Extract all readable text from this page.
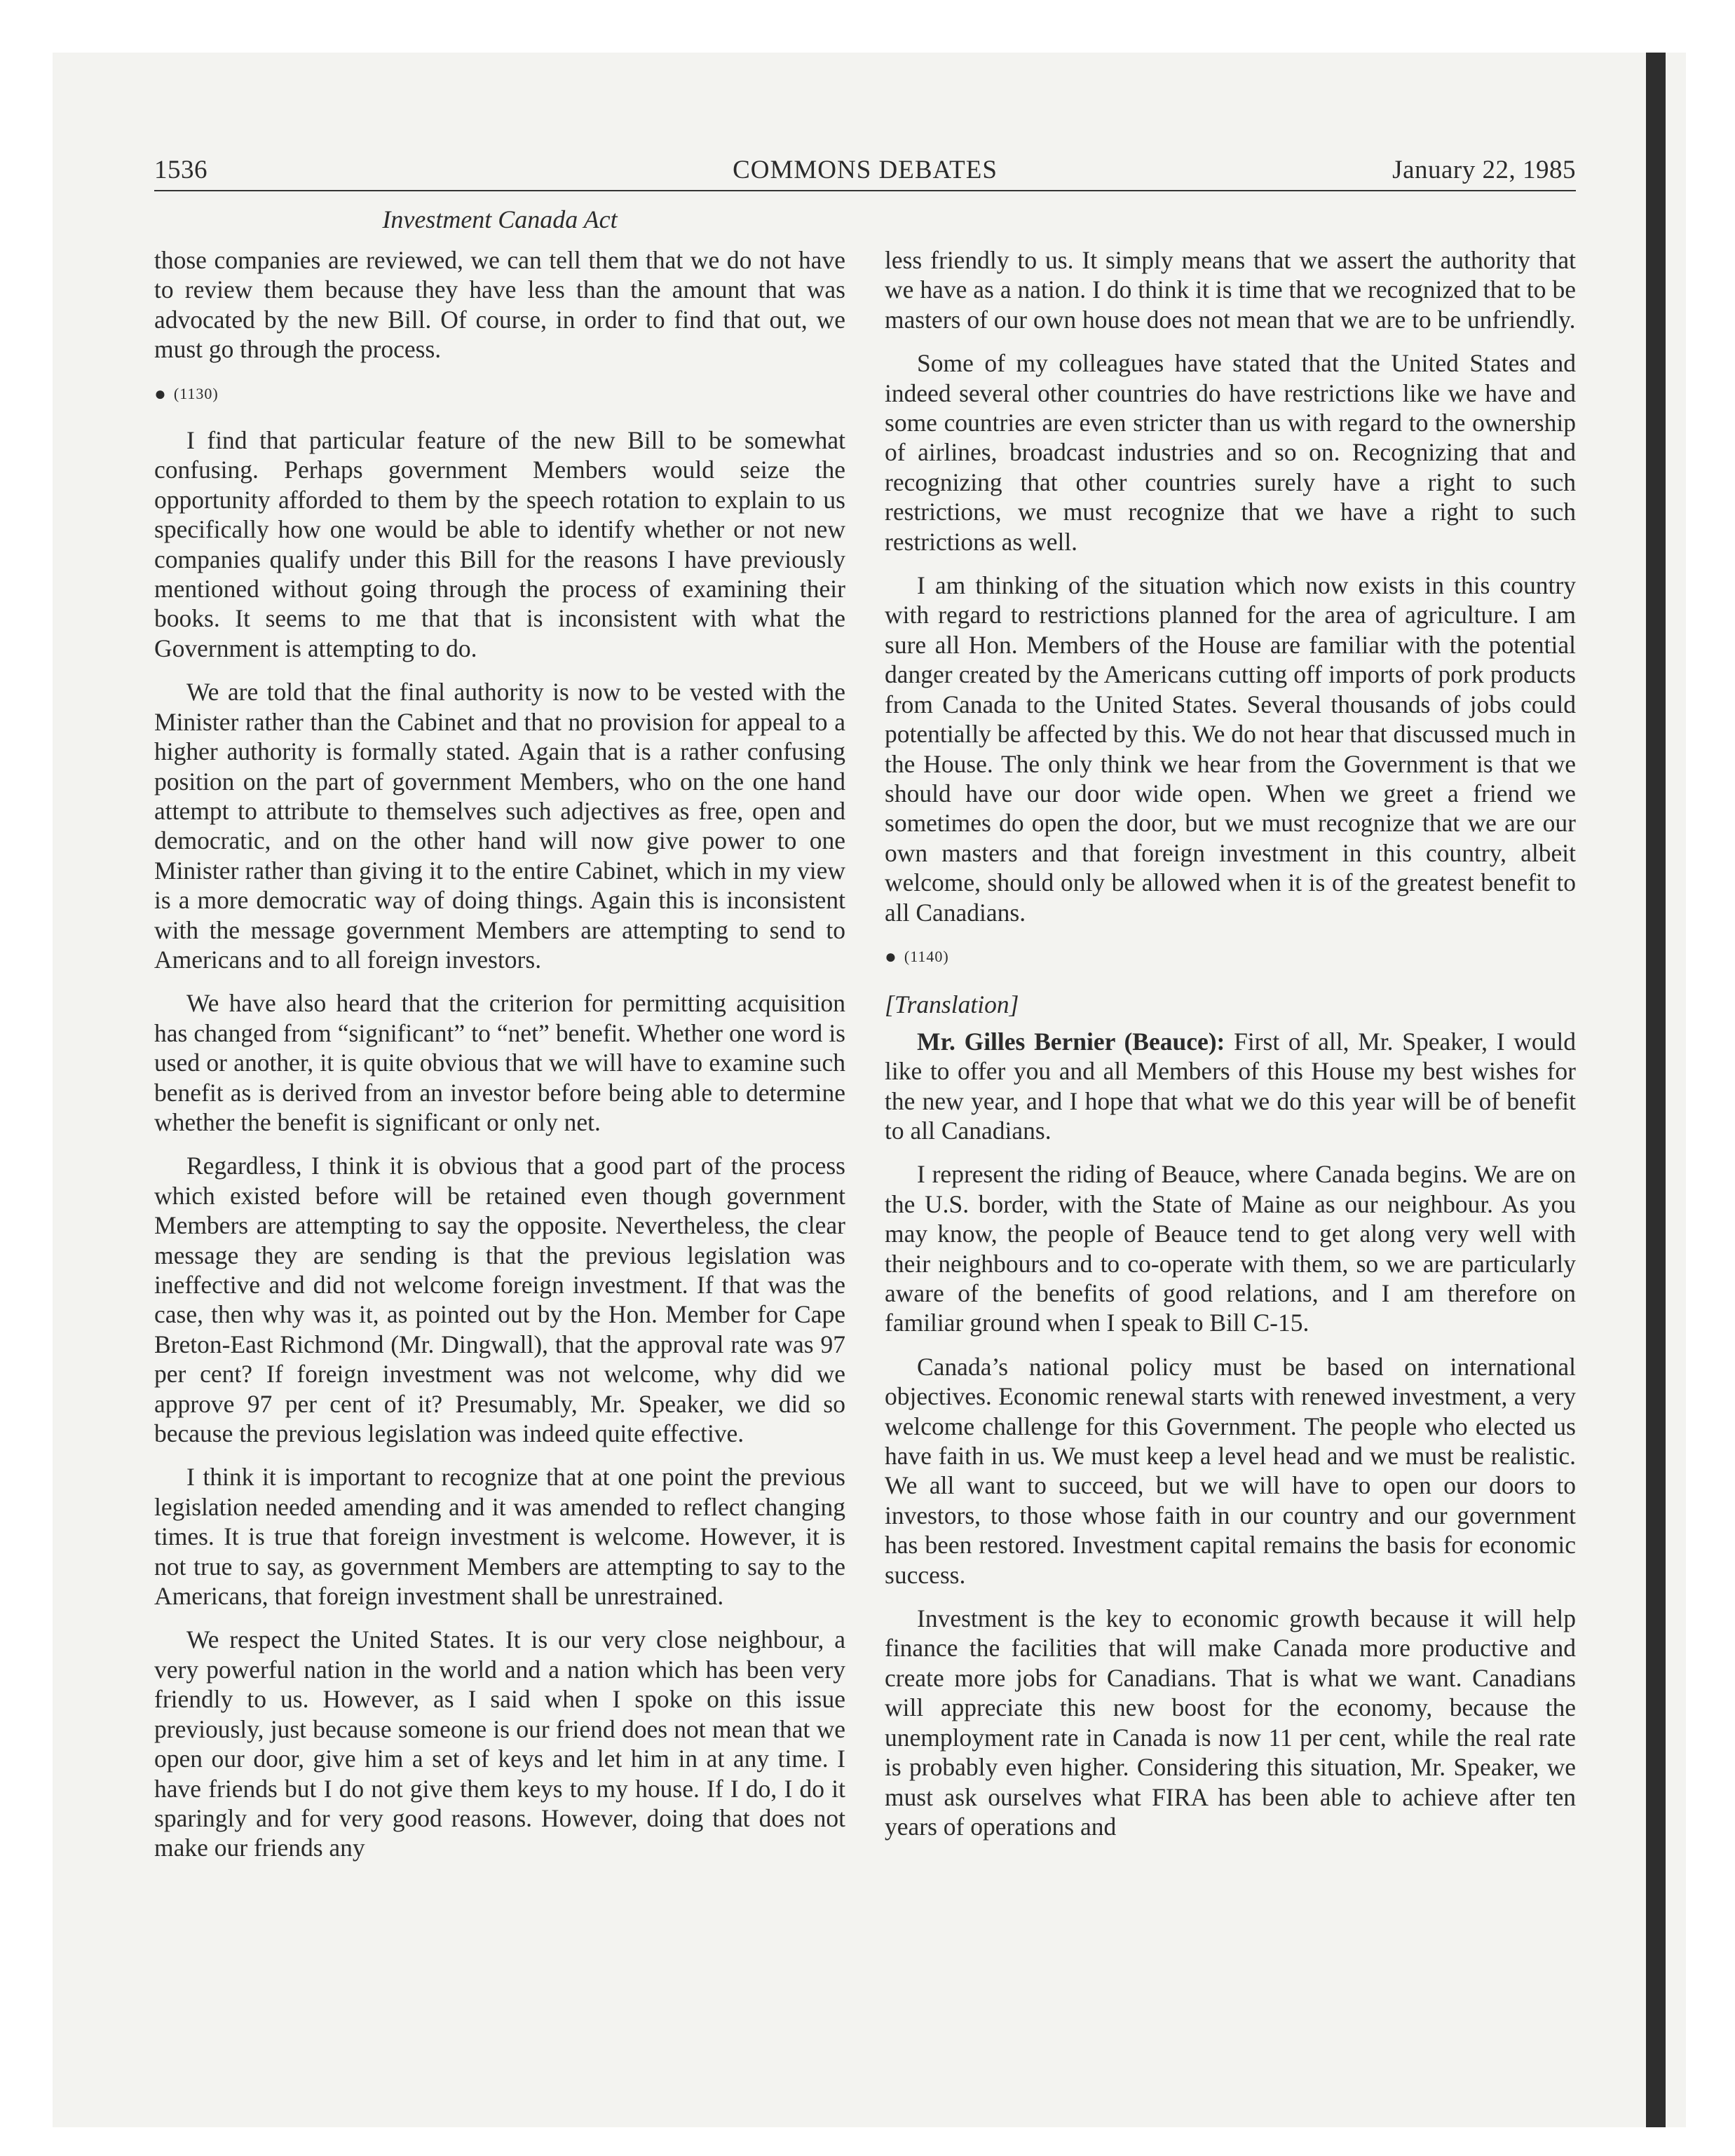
1536	COMMONS DEBATES	January 22, 1985
Investment Canada Act

those companies are reviewed, we can tell them that we do not have to review them because they have less than the amount that was advocated by the new Bill. Of course, in order to find that out, we must go through the process.

● (1130)

I find that particular feature of the new Bill to be somewhat confusing. Perhaps government Members would seize the opportunity afforded to them by the speech rotation to explain to us specifically how one would be able to identify whether or not new companies qualify under this Bill for the reasons I have previously mentioned without going through the process of examining their books. It seems to me that that is inconsistent with what the Government is attempting to do.

We are told that the final authority is now to be vested with the Minister rather than the Cabinet and that no provision for appeal to a higher authority is formally stated. Again that is a rather confusing position on the part of government Members, who on the one hand attempt to attribute to themselves such adjectives as free, open and democratic, and on the other hand will now give power to one Minister rather than giving it to the entire Cabinet, which in my view is a more democratic way of doing things. Again this is inconsistent with the message government Members are attempting to send to Americans and to all foreign investors.

We have also heard that the criterion for permitting acquisition has changed from “significant” to “net” benefit. Whether one word is used or another, it is quite obvious that we will have to examine such benefit as is derived from an investor before being able to determine whether the benefit is significant or only net.

Regardless, I think it is obvious that a good part of the process which existed before will be retained even though government Members are attempting to say the opposite. Nevertheless, the clear message they are sending is that the previous legislation was ineffective and did not welcome foreign investment. If that was the case, then why was it, as pointed out by the Hon. Member for Cape Breton-East Richmond (Mr. Dingwall), that the approval rate was 97 per cent? If foreign investment was not welcome, why did we approve 97 per cent of it? Presumably, Mr. Speaker, we did so because the previous legislation was indeed quite effective.

I think it is important to recognize that at one point the previous legislation needed amending and it was amended to reflect changing times. It is true that foreign investment is welcome. However, it is not true to say, as government Members are attempting to say to the Americans, that foreign investment shall be unrestrained.

We respect the United States. It is our very close neighbour, a very powerful nation in the world and a nation which has been very friendly to us. However, as I said when I spoke on this issue previously, just because someone is our friend does not mean that we open our door, give him a set of keys and let him in at any time. I have friends but I do not give them keys to my house. If I do, I do it sparingly and for very good reasons. However, doing that does not make our friends any

less friendly to us. It simply means that we assert the authority that we have as a nation. I do think it is time that we recognized that to be masters of our own house does not mean that we are to be unfriendly.

Some of my colleagues have stated that the United States and indeed several other countries do have restrictions like we have and some countries are even stricter than us with regard to the ownership of airlines, broadcast industries and so on. Recognizing that and recognizing that other countries surely have a right to such restrictions, we must recognize that we have a right to such restrictions as well.

I am thinking of the situation which now exists in this country with regard to restrictions planned for the area of agriculture. I am sure all Hon. Members of the House are familiar with the potential danger created by the Americans cutting off imports of pork products from Canada to the United States. Several thousands of jobs could potentially be affected by this. We do not hear that discussed much in the House. The only think we hear from the Government is that we should have our door wide open. When we greet a friend we sometimes do open the door, but we must recognize that we are our own masters and that foreign investment in this country, albeit welcome, should only be allowed when it is of the greatest benefit to all Canadians.

● (1140)
[Translation]

Mr. Gilles Bernier (Beauce): First of all, Mr. Speaker, I would like to offer you and all Members of this House my best wishes for the new year, and I hope that what we do this year will be of benefit to all Canadians.

I represent the riding of Beauce, where Canada begins. We are on the U.S. border, with the State of Maine as our neighbour. As you may know, the people of Beauce tend to get along very well with their neighbours and to co-operate with them, so we are particularly aware of the benefits of good relations, and I am therefore on familiar ground when I speak to Bill C-15.

Canada’s national policy must be based on international objectives. Economic renewal starts with renewed investment, a very welcome challenge for this Government. The people who elected us have faith in us. We must keep a level head and we must be realistic. We all want to succeed, but we will have to open our doors to investors, to those whose faith in our country and our government has been restored. Investment capital remains the basis for economic success.

Investment is the key to economic growth because it will help finance the facilities that will make Canada more productive and create more jobs for Canadians. That is what we want. Canadians will appreciate this new boost for the economy, because the unemployment rate in Canada is now 11 per cent, while the real rate is probably even higher. Considering this situation, Mr. Speaker, we must ask ourselves what FIRA has been able to achieve after ten years of operations and
